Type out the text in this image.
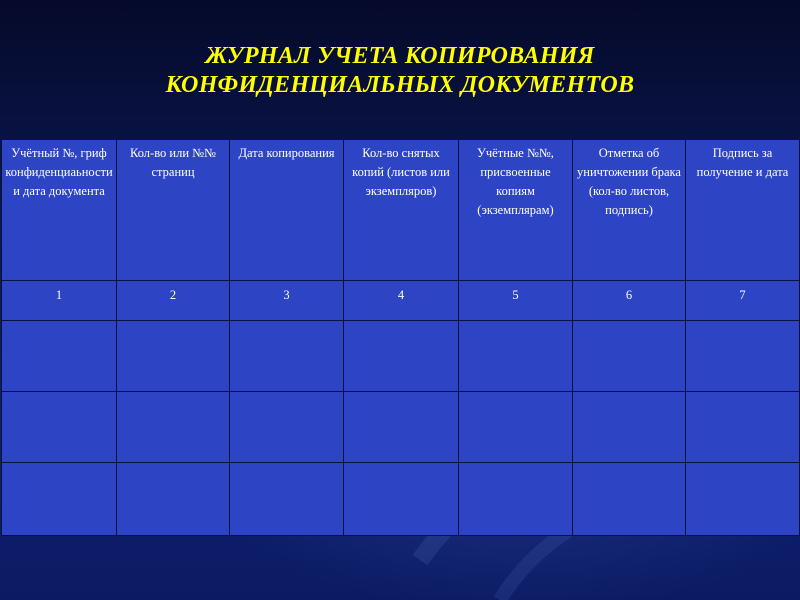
ЖУРНАЛ УЧЕТА КОПИРОВАНИЯ
КОНФИДЕНЦИАЛЬНЫХ ДОКУМЕНТОВ
Учётный №, гриф конфиденциаьности и дата документа	Кол-во или №№ страниц	Дата копирования	Кол-во снятых копий (листов или экземпляров)	Учётные №№, присвоенные копиям (экземплярам)	Отметка об уничтожении брака (кол-во листов, подпись)	Подпись за получение и дата
1	2	3	4	5	6	7
